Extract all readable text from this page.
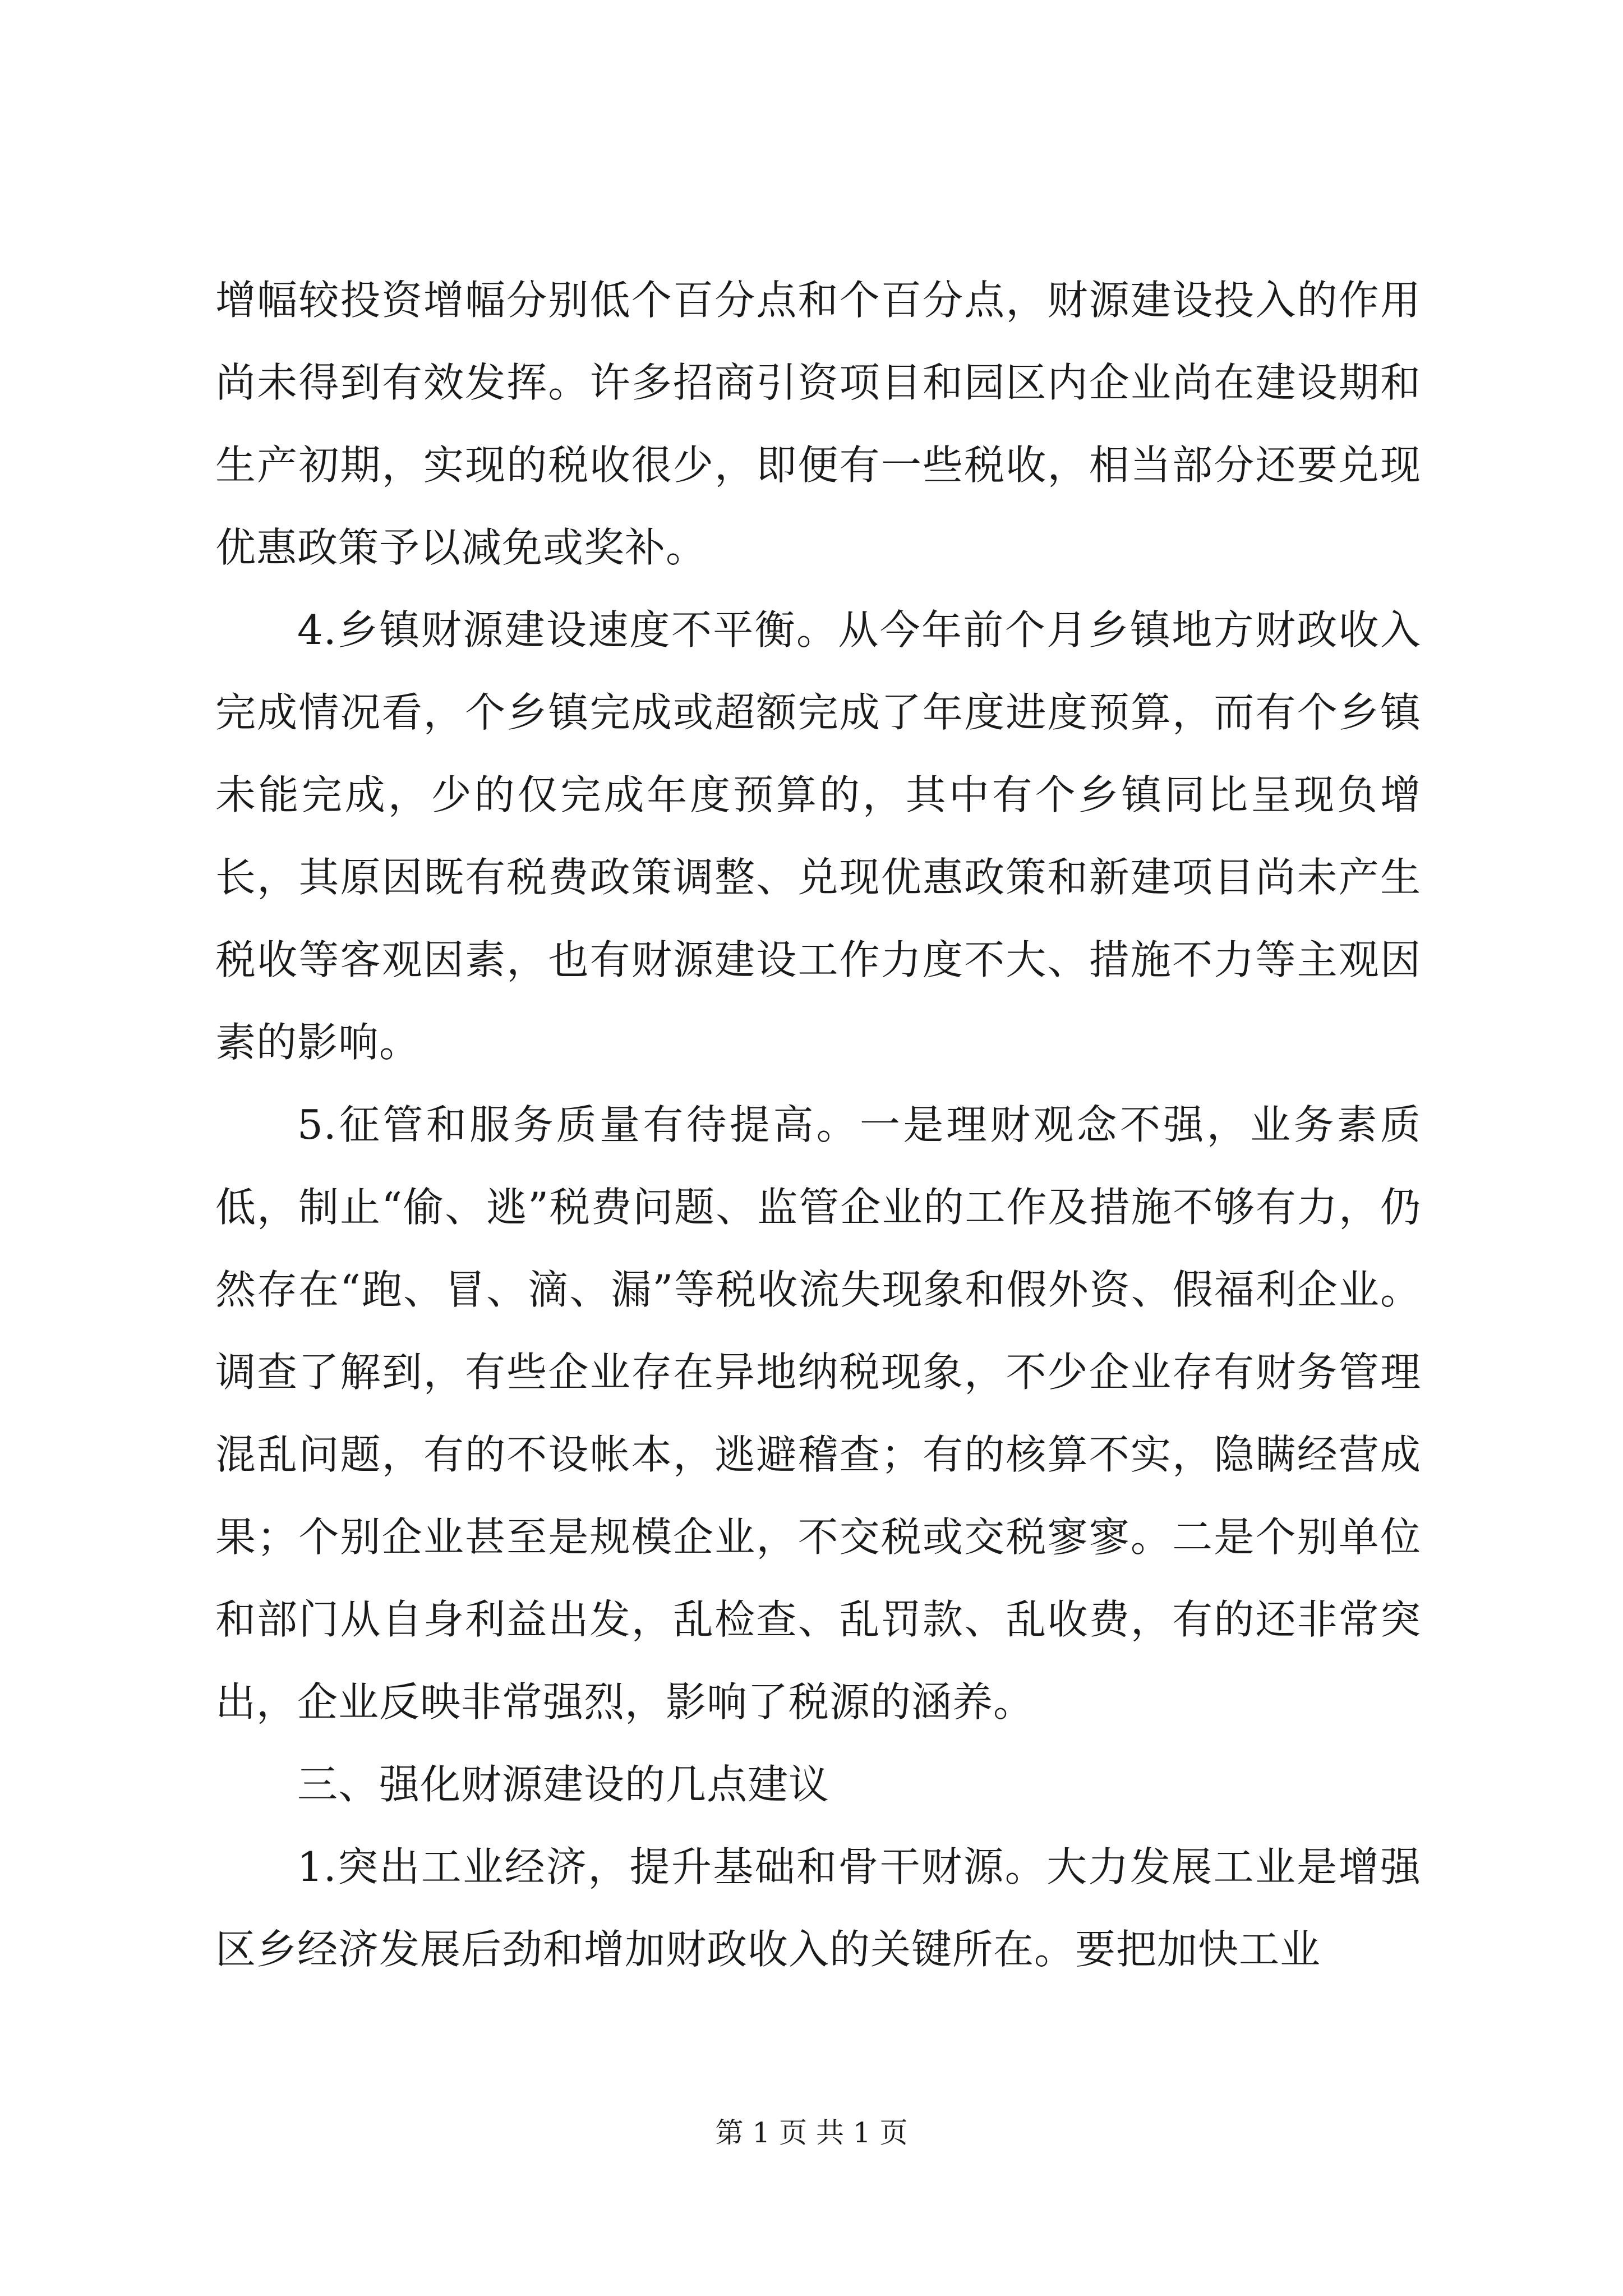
增幅较投资增幅分别低个百分点和个百分点，财源建设投入的作用尚未得到有效发挥。许多招商引资项目和园区内企业尚在建设期和生产初期，实现的税收很少，即便有一些税收，相当部分还要兑现优惠政策予以减免或奖补。

4.乡镇财源建设速度不平衡。从今年前个月乡镇地方财政收入完成情况看，个乡镇完成或超额完成了年度进度预算，而有个乡镇未能完成，少的仅完成年度预算的，其中有个乡镇同比呈现负增长，其原因既有税费政策调整、兑现优惠政策和新建项目尚未产生税收等客观因素，也有财源建设工作力度不大、措施不力等主观因素的影响。

5.征管和服务质量有待提高。一是理财观念不强，业务素质低，制止“偷、逃”税费问题、监管企业的工作及措施不够有力，仍然存在“跑、冒、滴、漏”等税收流失现象和假外资、假福利企业。调查了解到，有些企业存在异地纳税现象，不少企业存有财务管理混乱问题，有的不设帐本，逃避稽查；有的核算不实，隐瞒经营成果；个别企业甚至是规模企业，不交税或交税寥寥。二是个别单位和部门从自身利益出发，乱检查、乱罚款、乱收费，有的还非常突出，企业反映非常强烈，影响了税源的涵养。

三、强化财源建设的几点建议

1.突出工业经济，提升基础和骨干财源。大力发展工业是增强区乡经济发展后劲和增加财政收入的关键所在。要把加快工业

第 1 页 共 1 页
